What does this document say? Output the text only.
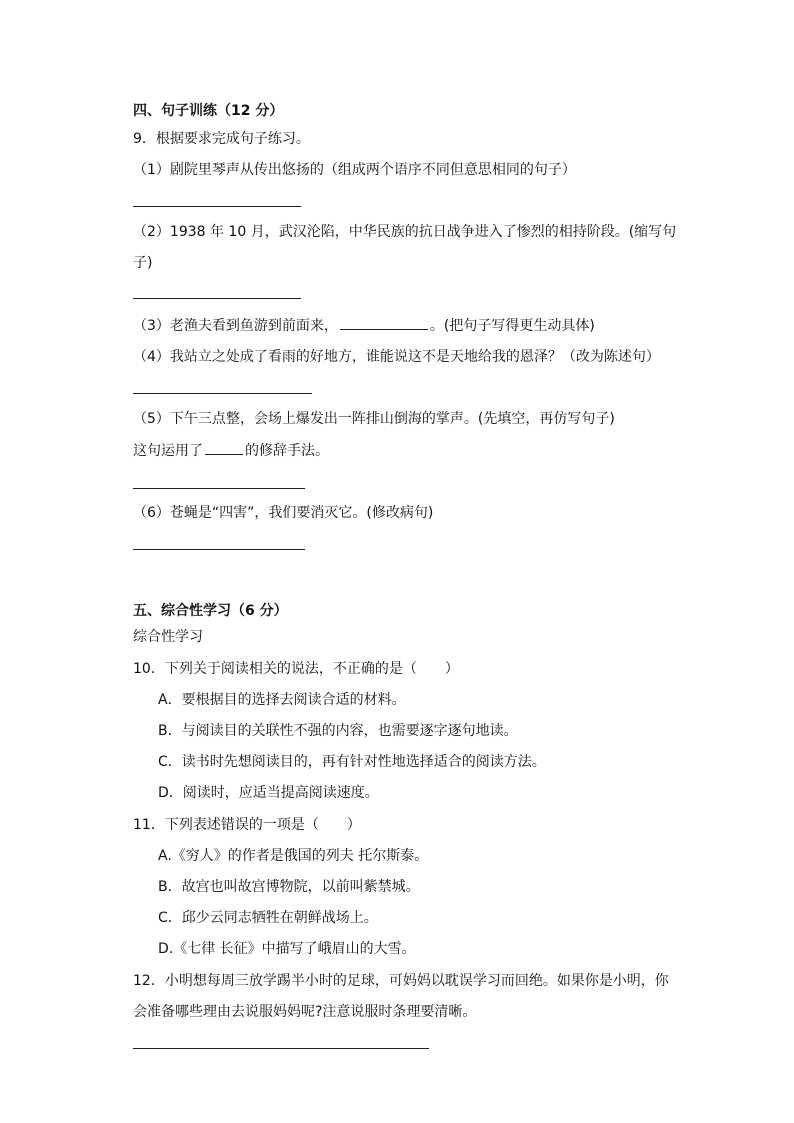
四、句子训练（12 分）
9．根据要求完成句子练习。
（1）剧院里琴声从传出悠扬的（组成两个语序不同但意思相同的句子）
（2）1938 年 10 月，武汉沦陷，中华民族的抗日战争进入了惨烈的相持阶段。(缩写句
子)
（3）老渔夫看到鱼游到前面来，	。(把句子写得更生动具体)
（4）我站立之处成了看雨的好地方，谁能说这不是天地给我的恩泽？（改为陈述句）
（5）下午三点整，会场上爆发出一阵排山倒海的掌声。(先填空，再仿写句子)
这句运用了	的修辞手法。
（6）苍蝇是“四害”，我们要消灭它。(修改病句)
五、综合性学习（6 分）
综合性学习
10．下列关于阅读相关的说法，不正确的是（　　）
A．要根据目的选择去阅读合适的材料。
B．与阅读目的关联性不强的内容，也需要逐字逐句地读。
C．读书时先想阅读目的，再有针对性地选择适合的阅读方法。
D．阅读时，应适当提高阅读速度。
11．下列表述错误的一项是（　　）
A.《穷人》的作者是俄国的列夫 托尔斯泰。
B．故宫也叫故宫博物院，以前叫紫禁城。
C．邱少云同志牺牲在朝鲜战场上。
D.《七律 长征》中描写了峨眉山的大雪。
12．小明想每周三放学踢半小时的足球，可妈妈以耽误学习而回绝。如果你是小明，你
会准备哪些理由去说服妈妈呢?注意说服时条理要清晰。
